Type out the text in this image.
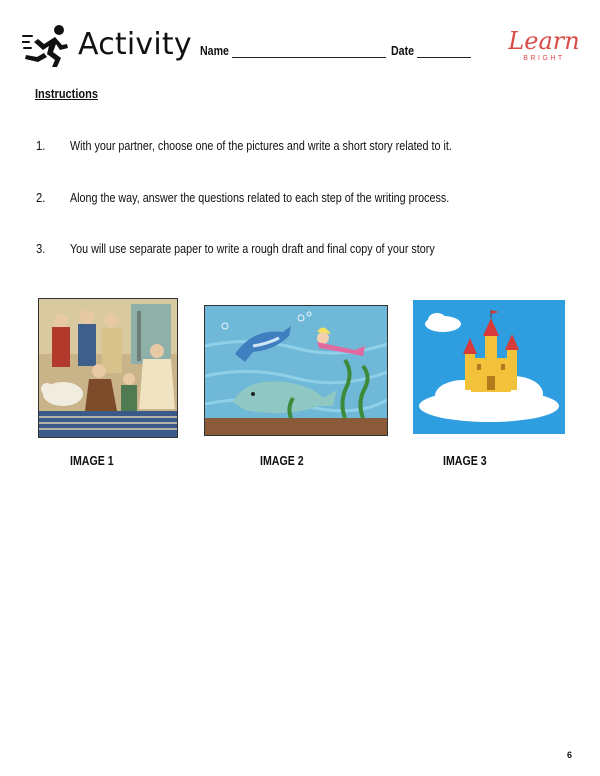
Activity Name	Date	Learn
BRIGHT
Instructions
1. With your partner, choose one of the pictures and write a short story related to it.
2. Along the way, answer the questions related to each step of the writing process.
3. You will use separate paper to write a rough draft and final copy of your story
IMAGE 1	IMAGE 2	IMAGE 3
6
